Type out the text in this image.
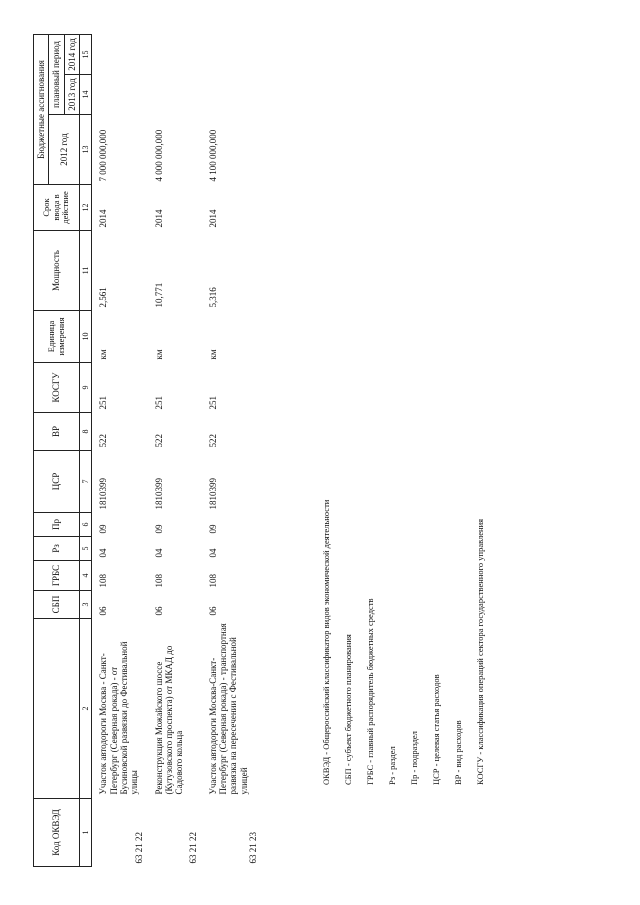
Код ОКВЭД		СБП	ГРБС	Рз	Пр	ЦСР	ВР	КОСГУ	Единица измерения	Мощность	Срок ввода в действие	Бюджетные ассигнования		
												2012 год	плановый период	
													2013 год	2014 год
1	2	3	4	5	6	7	8	9	10	11	12	13	14	15
63 21 22	Участок автодороги Москва - Санкт-Петербург (Северная рокада) - от Бусиновской развязки до Фестивальной улицы	06	108	04	09	1810399	522	251	км	2,561	2014	7 000 000,000		
63 21 22	Реконструкция Можайского шоссе (Кутузовского проспекта) от МКАД до Садового кольца	06	108	04	09	1810399	522	251	км	10,771	2014	4 000 000,000		
63 21 23	Участок автодороги Москва-Санкт-Петербург (Северная рокада) - транспортная развязка на пересечении с Фестивальной улицей	06	108	04	09	1810399	522	251	км	5,316	2014	4 100 000,000		
ОКВЭД - Общероссийский классификатор видов экономической деятельности	СБП - субъект бюджетного планирования	ГРБС - главный распорядитель бюджетных средств	Рз - раздел	Пр - подраздел	ЦСР - целевая статья расходов	ВР - вид расходов	КОСГУ - классификация операций сектора государственного управления
